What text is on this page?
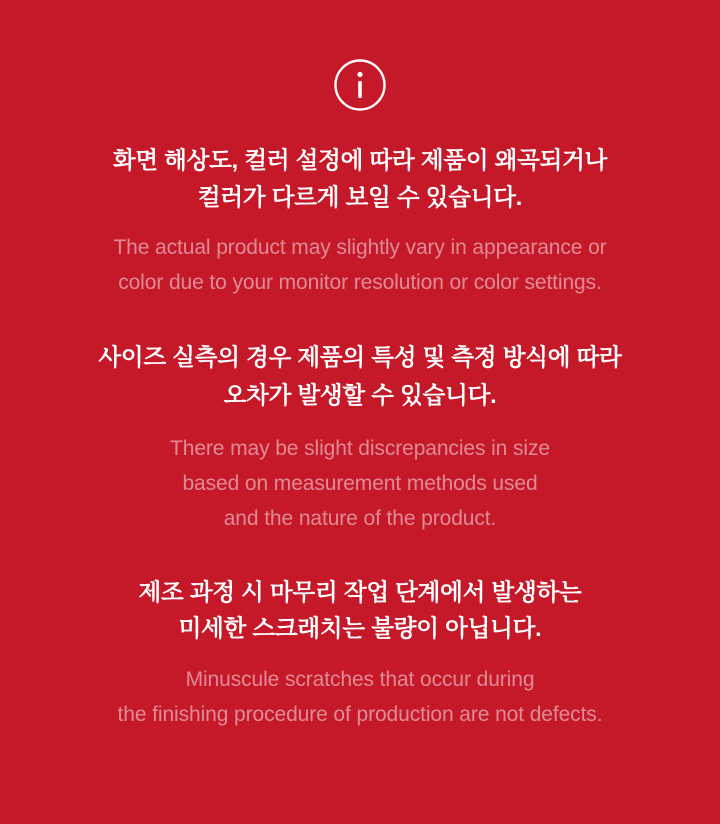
화면 해상도, 컬러 설정에 따라 제품이 왜곡되거나
컬러가 다르게 보일 수 있습니다.

The actual product may slightly vary in appearance or
color due to your monitor resolution or color settings.

사이즈 실측의 경우 제품의 특성 및 측정 방식에 따라
오차가 발생할 수 있습니다.

There may be slight discrepancies in size
based on measurement methods used
and the nature of the product.

제조 과정 시 마무리 작업 단계에서 발생하는
미세한 스크래치는 불량이 아닙니다.

Minuscule scratches that occur during
the finishing procedure of production are not defects.
